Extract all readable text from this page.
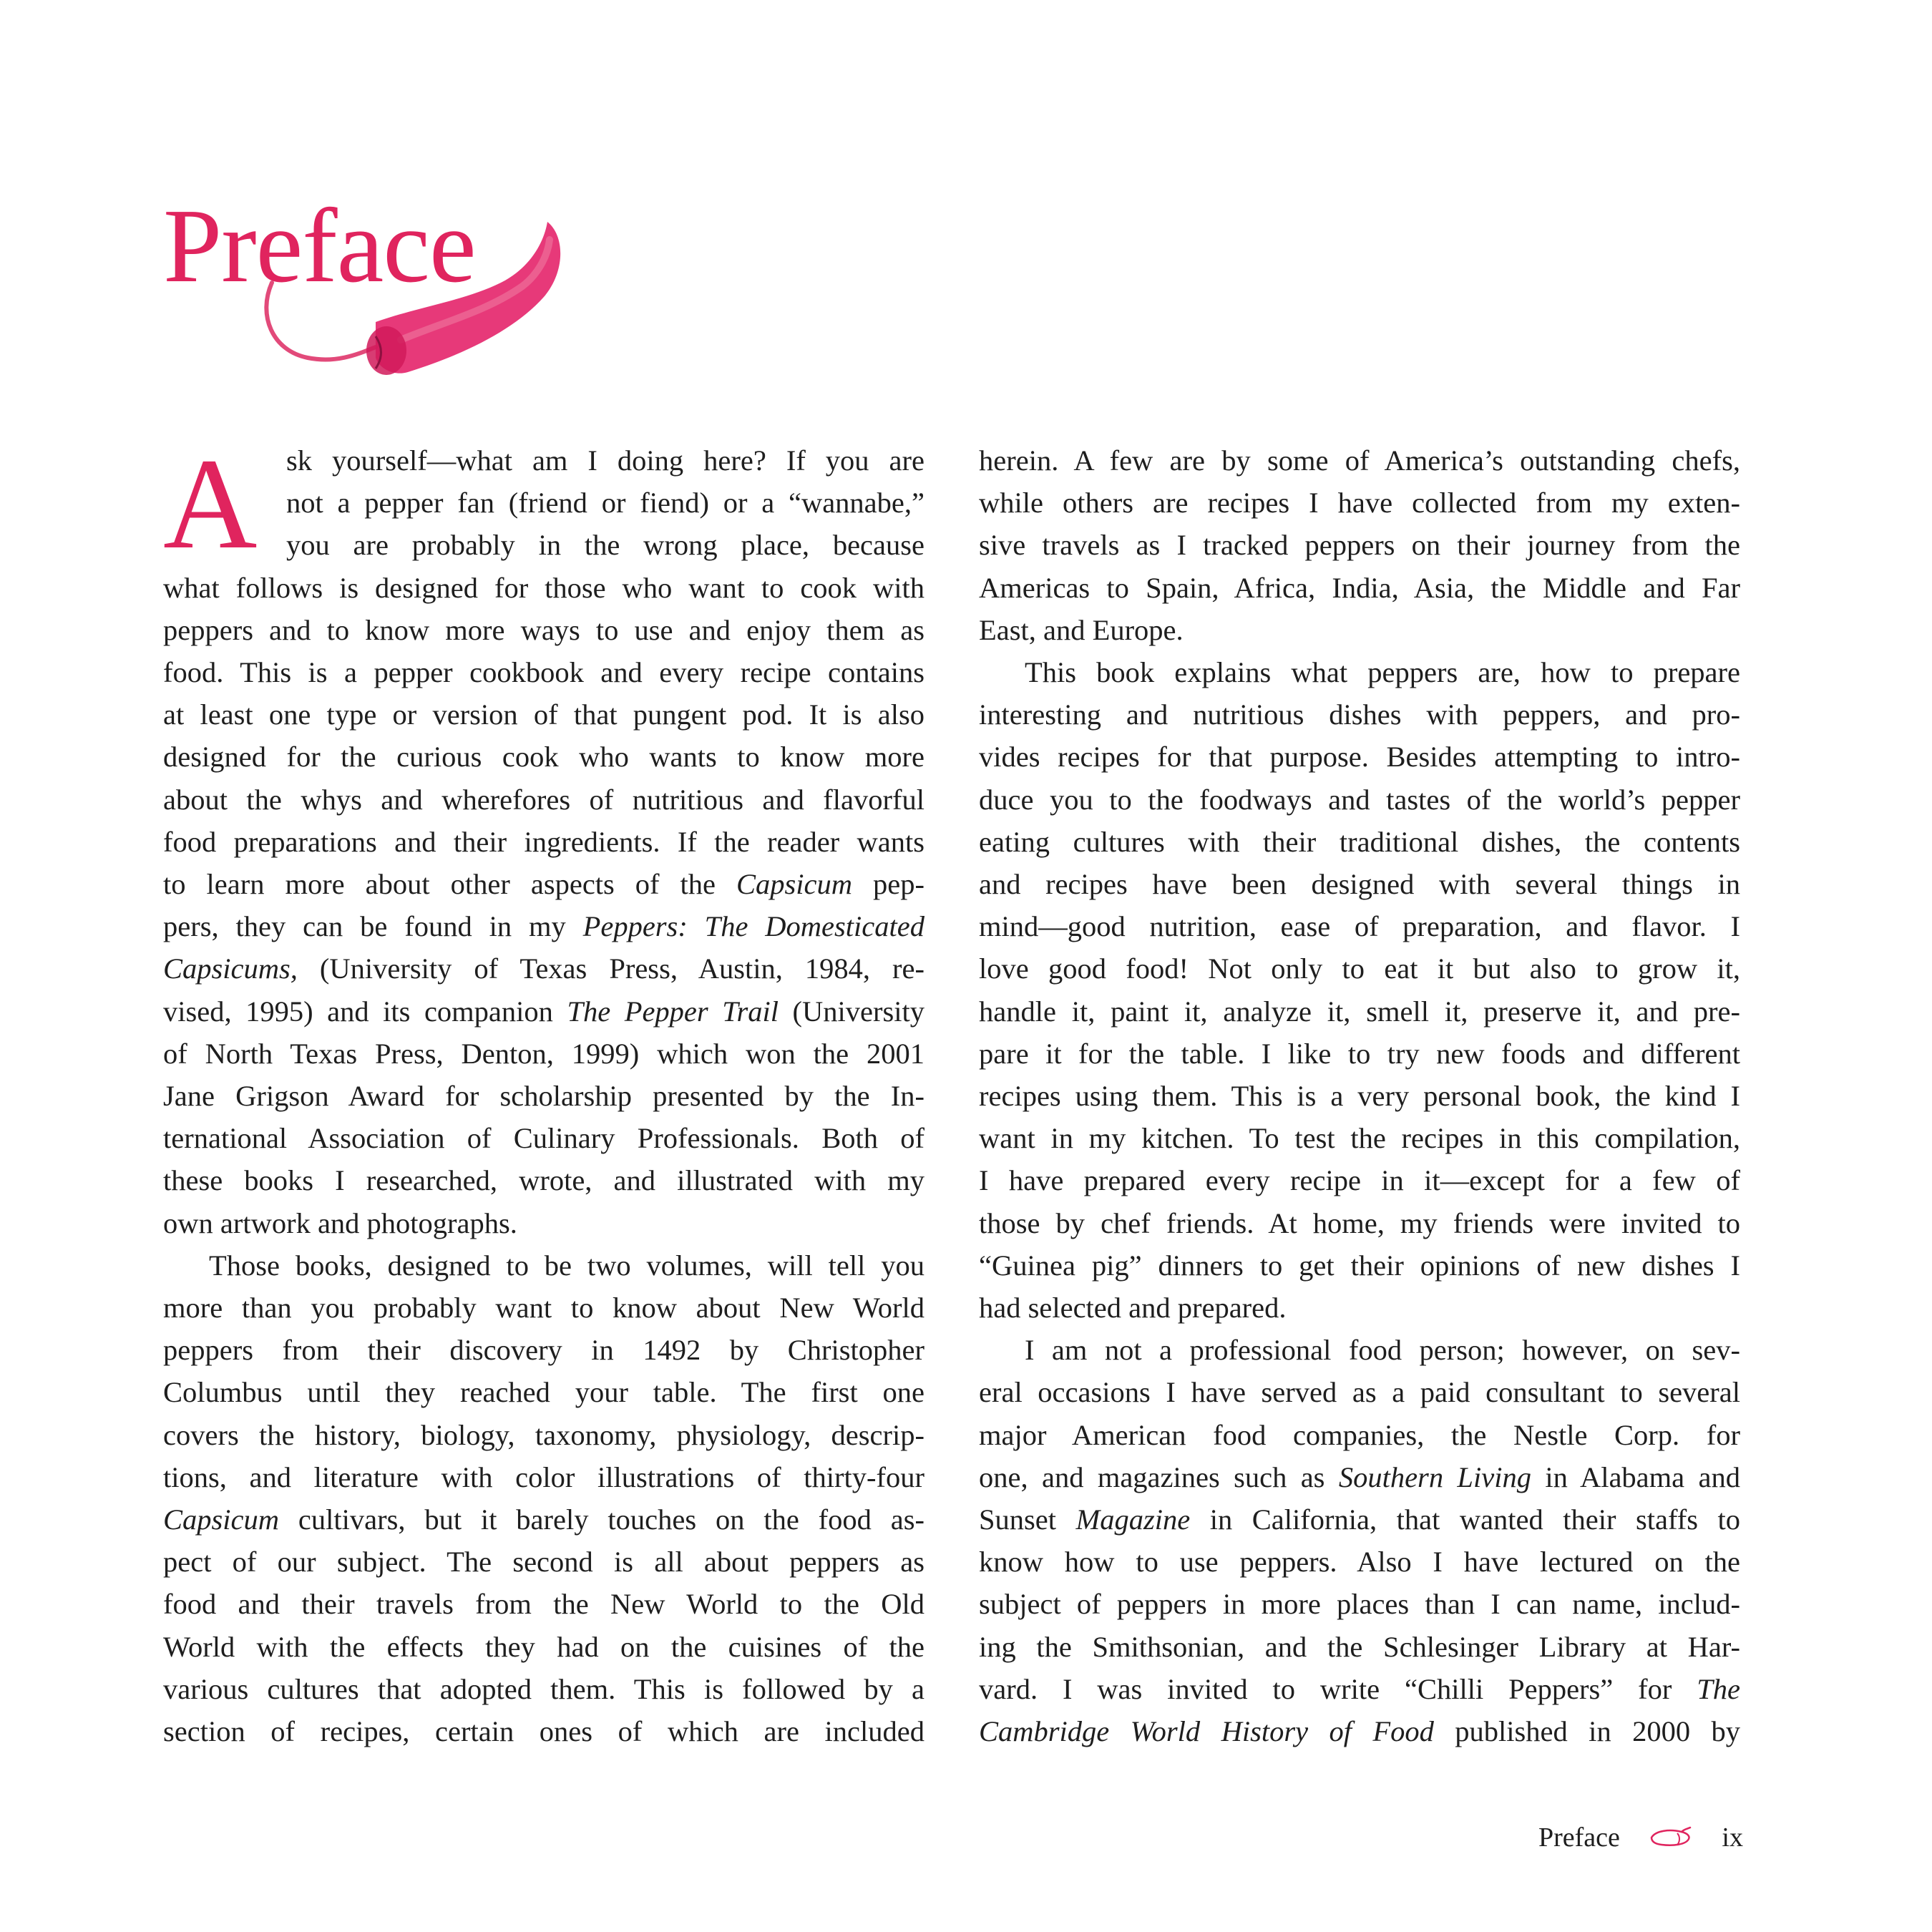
Preface
A	sk yourself—what am I doing here? If you are
not a pepper fan (friend or fiend) or a “wannabe,”
you are probably in the wrong place, because
what follows is designed for those who want to cook with
peppers and to know more ways to use and enjoy them as
food. This is a pepper cookbook and every recipe contains
at least one type or version of that pungent pod. It is also
designed for the curious cook who wants to know more
about the whys and wherefores of nutritious and flavorful
food preparations and their ingredients. If the reader wants
to learn more about other aspects of the Capsicum pep-
pers, they can be found in my Peppers: The Domesticated
Capsicums, (University of Texas Press, Austin, 1984, re-
vised, 1995) and its companion The Pepper Trail (University
of North Texas Press, Denton, 1999) which won the 2001
Jane Grigson Award for scholarship presented by the In-
ternational Association of Culinary Professionals. Both of
these books I researched, wrote, and illustrated with my
own artwork and photographs.
Those books, designed to be two volumes, will tell you
more than you probably want to know about New World
peppers from their discovery in 1492 by Christopher
Columbus until they reached your table. The first one
covers the history, biology, taxonomy, physiology, descrip-
tions, and literature with color illustrations of thirty-four
Capsicum cultivars, but it barely touches on the food as-
pect of our subject. The second is all about peppers as
food and their travels from the New World to the Old
World with the effects they had on the cuisines of the
various cultures that adopted them. This is followed by a
section of recipes, certain ones of which are included

herein. A few are by some of America’s outstanding chefs,
while others are recipes I have collected from my exten-
sive travels as I tracked peppers on their journey from the
Americas to Spain, Africa, India, Asia, the Middle and Far
East, and Europe.
This book explains what peppers are, how to prepare
interesting and nutritious dishes with peppers, and pro-
vides recipes for that purpose. Besides attempting to intro-
duce you to the foodways and tastes of the world’s pepper
eating cultures with their traditional dishes, the contents
and recipes have been designed with several things in
mind—good nutrition, ease of preparation, and flavor. I
love good food! Not only to eat it but also to grow it,
handle it, paint it, analyze it, smell it, preserve it, and pre-
pare it for the table. I like to try new foods and different
recipes using them. This is a very personal book, the kind I
want in my kitchen. To test the recipes in this compilation,
I have prepared every recipe in it—except for a few of
those by chef friends. At home, my friends were invited to
“Guinea pig” dinners to get their opinions of new dishes I
had selected and prepared.
I am not a professional food person; however, on sev-
eral occasions I have served as a paid consultant to several
major American food companies, the Nestle Corp. for
one, and magazines such as Southern Living in Alabama and
Sunset Magazine in California, that wanted their staffs to
know how to use peppers. Also I have lectured on the
subject of peppers in more places than I can name, includ-
ing the Smithsonian, and the Schlesinger Library at Har-
vard. I was invited to write “Chilli Peppers” for The
Cambridge World History of Food published in 2000 by

Preface	ix
